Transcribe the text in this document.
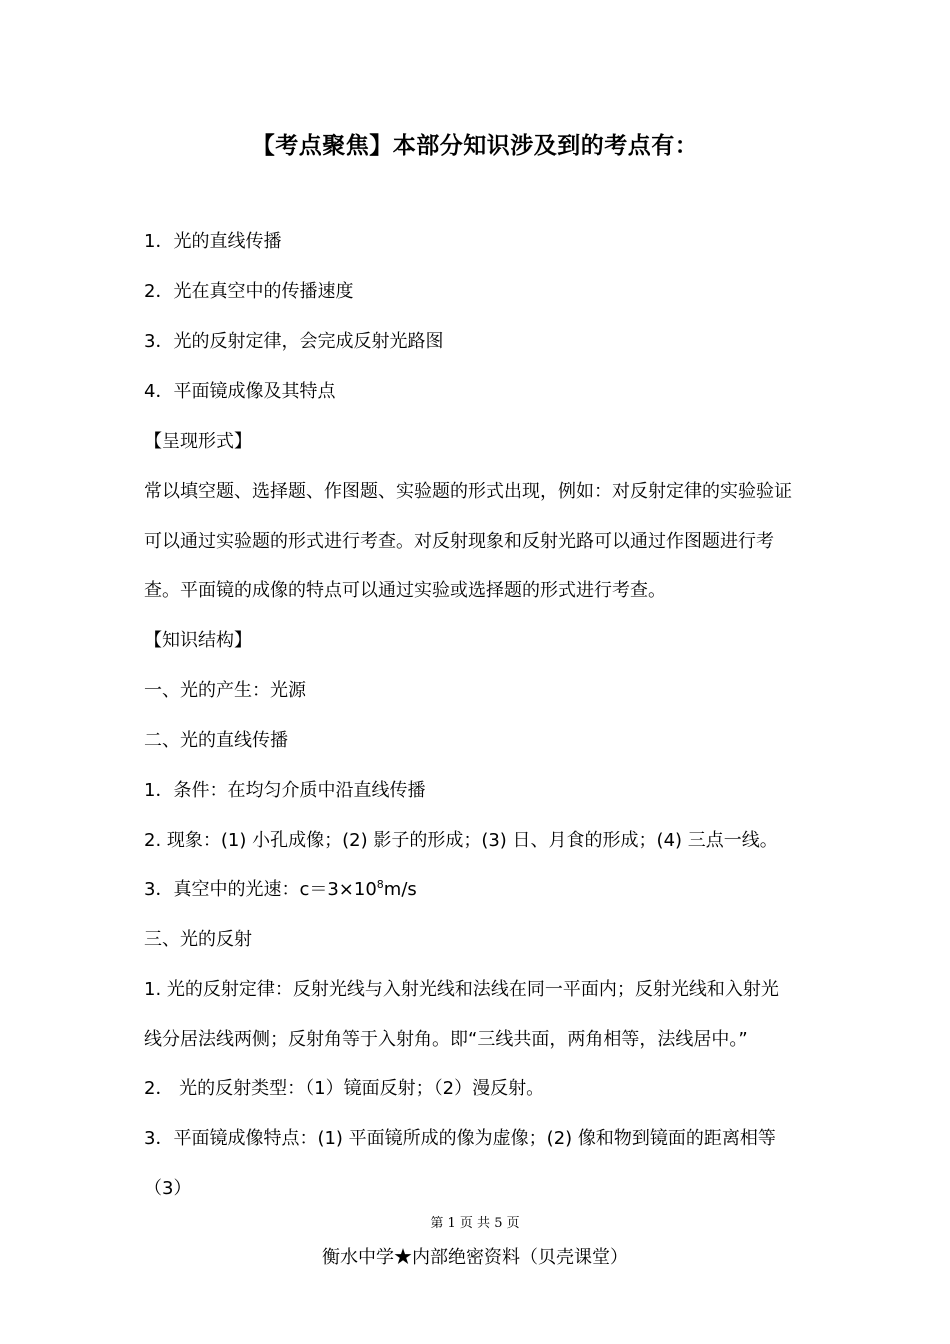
【考点聚焦】本部分知识涉及到的考点有：

1．光的直线传播

2．光在真空中的传播速度

3．光的反射定律，会完成反射光路图

4．平面镜成像及其特点

【呈现形式】

常以填空题、选择题、作图题、实验题的形式出现，例如：对反射定律的实验验证

可以通过实验题的形式进行考查。对反射现象和反射光路可以通过作图题进行考

查。平面镜的成像的特点可以通过实验或选择题的形式进行考查。

【知识结构】

一、光的产生：光源

二、光的直线传播

1．条件：在均匀介质中沿直线传播

2. 现象：(1) 小孔成像；(2) 影子的形成；(3) 日、月食的形成；(4) 三点一线。

3．真空中的光速：$c=3\times 10^8m/s$

三、光的反射

1. 光的反射定律：反射光线与入射光线和法线在同一平面内；反射光线和入射光

线分居法线两侧；反射角等于入射角。即“三线共面，两角相等，法线居中。”

2． 光的反射类型：（1）镜面反射；（2）漫反射。

3．平面镜成像特点：(1) 平面镜所成的像为虚像；(2) 像和物到镜面的距离相等

（3）

第 1 页 共 5 页
衡水中学★内部绝密资料（贝壳课堂）
